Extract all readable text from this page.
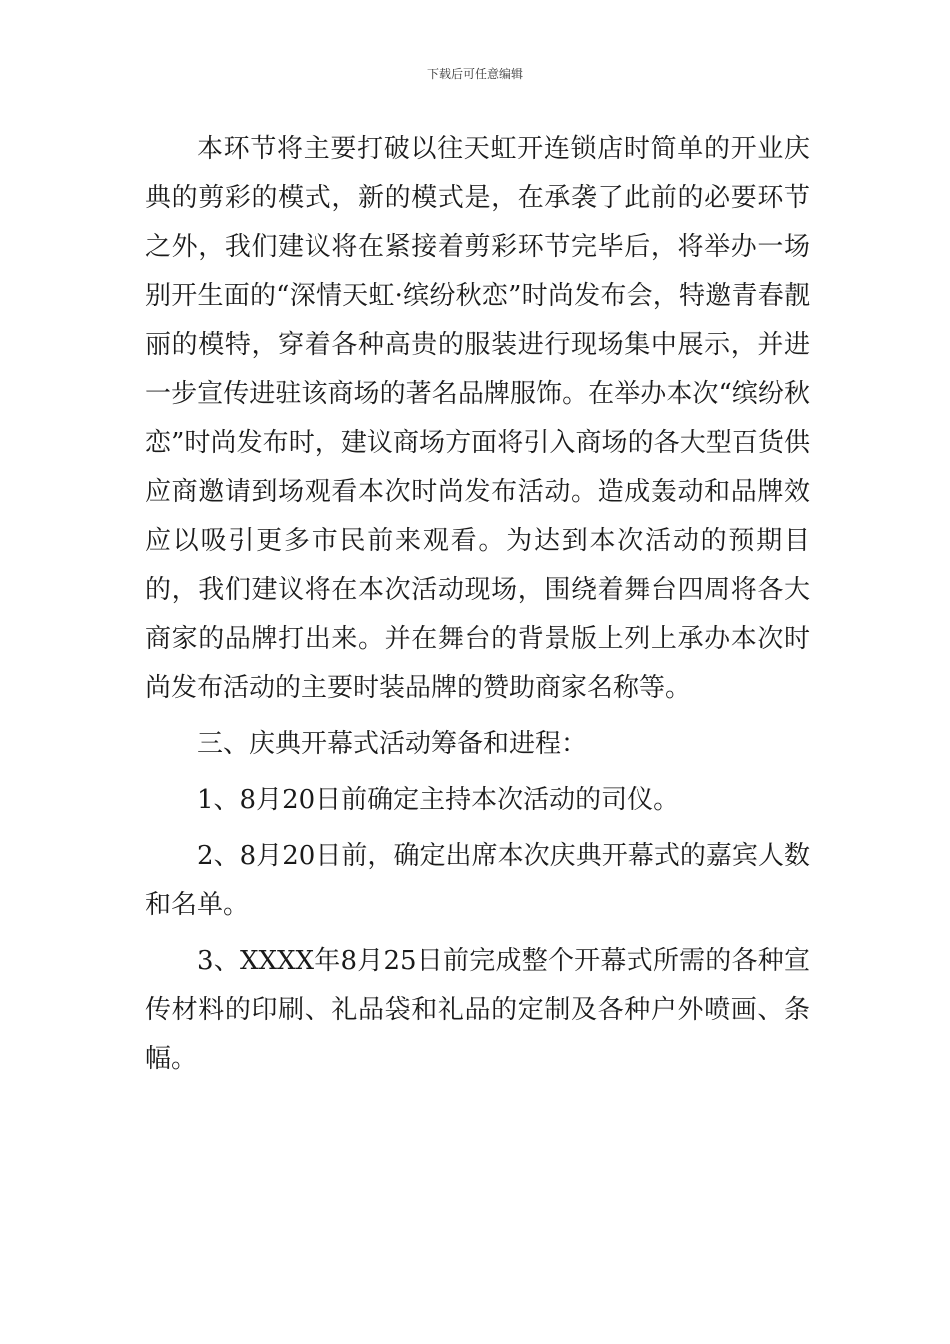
下载后可任意编辑

本环节将主要打破以往天虹开连锁店时简单的开业庆典的剪彩的模式，新的模式是，在承袭了此前的必要环节之外，我们建议将在紧接着剪彩环节完毕后，将举办一场别开生面的“深情天虹·缤纷秋恋”时尚发布会，特邀青春靓丽的模特，穿着各种高贵的服装进行现场集中展示，并进一步宣传进驻该商场的著名品牌服饰。在举办本次“缤纷秋恋”时尚发布时，建议商场方面将引入商场的各大型百货供应商邀请到场观看本次时尚发布活动。造成轰动和品牌效应以吸引更多市民前来观看。为达到本次活动的预期目的，我们建议将在本次活动现场，围绕着舞台四周将各大商家的品牌打出来。并在舞台的背景版上列上承办本次时尚发布活动的主要时装品牌的赞助商家名称等。

三、庆典开幕式活动筹备和进程：

1、8月20日前确定主持本次活动的司仪。

2、8月20日前，确定出席本次庆典开幕式的嘉宾人数和名单。

3、XXXX年8月25日前完成整个开幕式所需的各种宣传材料的印刷、礼品袋和礼品的定制及各种户外喷画、条幅。
